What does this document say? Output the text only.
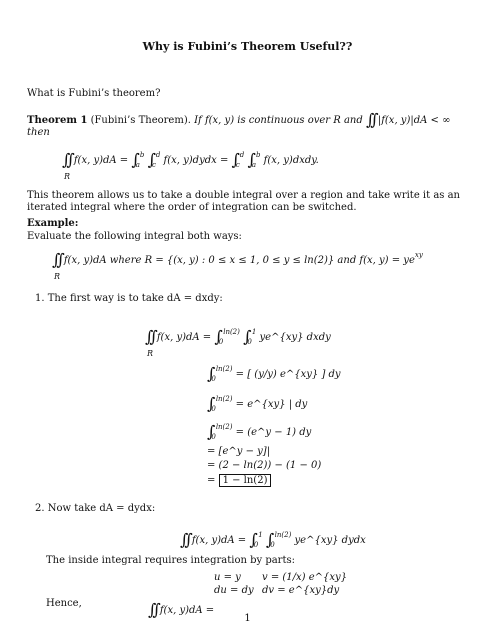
Why is Fubini’s Theorem Useful??
What is Fubini’s theorem?
Theorem 1 (Fubini’s Theorem). If f(x, y) is continuous over R and ∫∫ |f(x, y)|dA < ∞ then
∫∫ f(x, $y)dA = \int_a^b$ $\int_c^d$ f(x, y)dydx = $\int_c^d$ $\int_a^b$ f(x, y)dxdy.
R
This theorem allows us to take a double integral over a region and take write it as an iterated integral where the order of integration can be switched.
Example:
Evaluate the following integral both ways:
∫∫ f(x, y)dA where R = {(x, y) : 0 ≤ x ≤ 1, 0 ≤ y ≤ ln(2)} and f(x, $y) = ye^{xy}$
R
1. The first way is to take dA = dxdy:
∫∫ f(x, $y)dA = \int_0^{ln(2)}$ $\int_0^1$ ye^{xy} dxdy
R
$\int_0^{ln(2)}$ = [ (y/y) e^{xy} ] dy
$\int_0^{ln(2)}$ = e^{xy} | dy
$\int_0^{ln(2)}$ = (e^y − 1) dy
= [e^y − y]|
= (2 − ln(2)) − (1 − 0)
= 1 − ln(2)
2. Now take dA = dydx:
∫∫ f(x, $y)dA = \int_0^1$ $\int_0^{ln(2)}$ ye^{xy} dydx
The inside integral requires integration by parts:
u = y v = (1/x) e^{xy}
du = dy dv = e^{xy}dy
Hence,	∫∫ f(x, y)dA =
1
